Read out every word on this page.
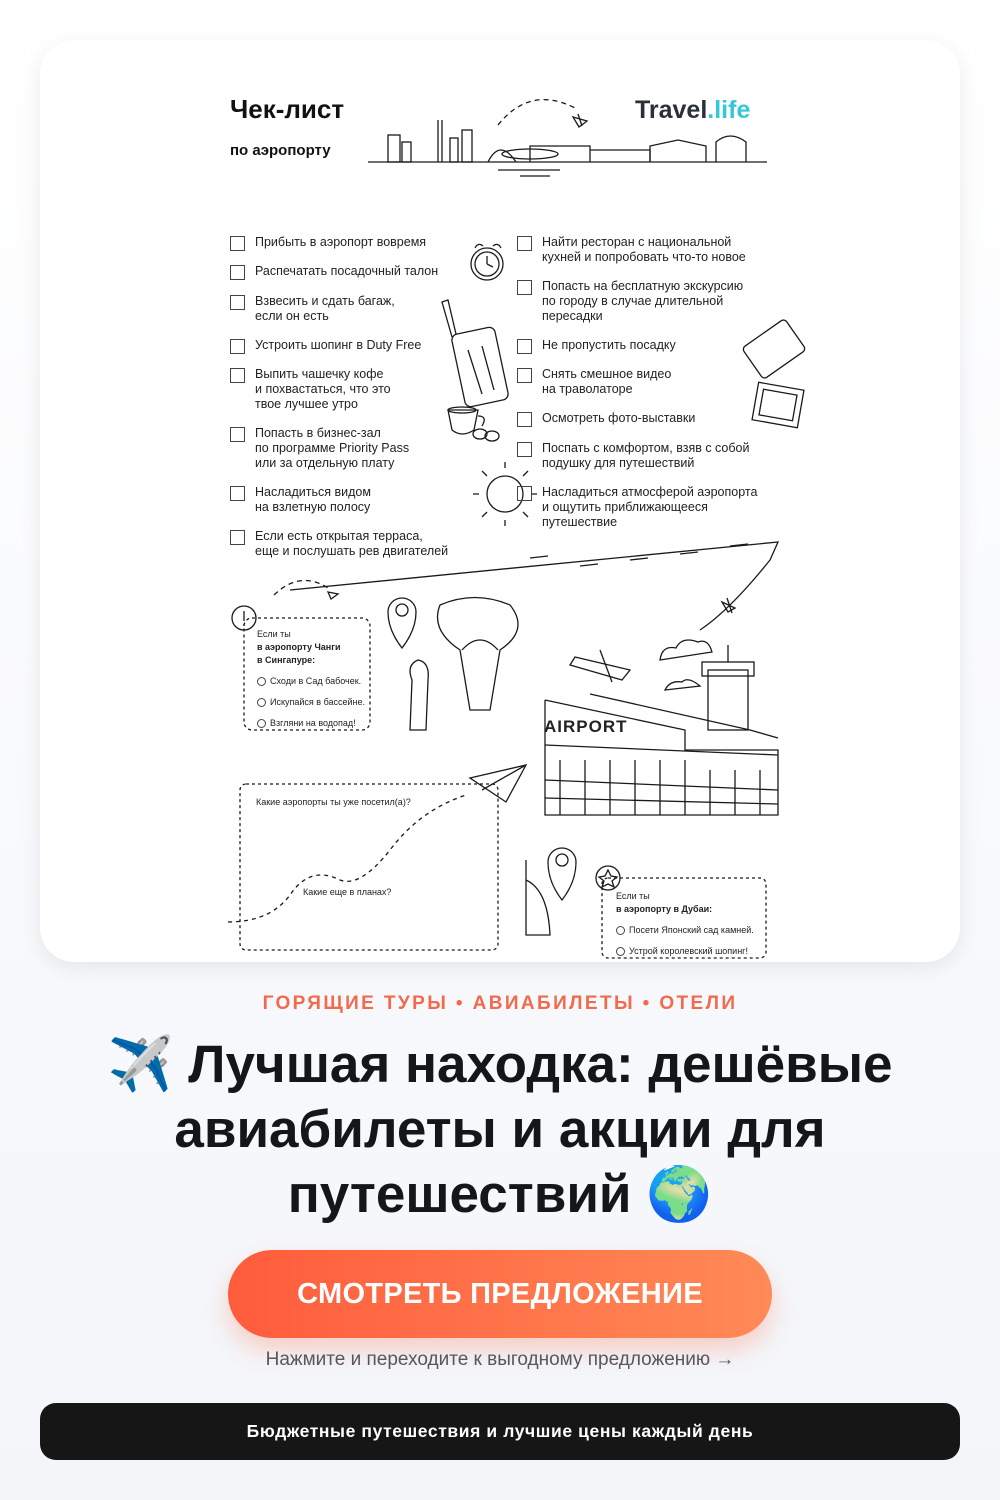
Чек-лист
по аэропорту
Travel.life
Прибыть в аэропорт вовремя
Распечатать посадочный талон
Взвесить и сдать багаж,
если он есть
Устроить шопинг в Duty Free
Выпить чашечку кофе
и похвастаться, что это
твое лучшее утро
Попасть в бизнес-зал
по программе Priority Pass
или за отдельную плату
Насладиться видом
на взлетную полосу
Если есть открытая терраса,
еще и послушать рев двигателей
Найти ресторан с национальной
кухней и попробовать что-то новое
Попасть на бесплатную экскурсию
по городу в случае длительной
пересадки
Не пропустить посадку
Снять смешное видео
на траволаторе
Осмотреть фото-выставки
Поспать с комфортом, взяв с собой
подушку для путешествий
Насладиться атмосферой аэропорта
и ощутить приближающееся
путешествие
Если ты
в аэропорту Чанги
в Сингапуре:
Сходи в Сад бабочек.
Искупайся в бассейне.
Взгляни на водопад!
Какие аэропорты ты уже посетил(а)?
Какие еще в планах?
AIRPORT
Если ты
в аэропорту в Дубаи:
Посети Японский сад камней.
Устрой королевский шопинг!
ГОРЯЩИЕ ТУРЫ • АВИАБИЛЕТЫ • ОТЕЛИ
✈️ Лучшая находка: дешёвые авиабилеты и акции для путешествий 🌍
СМОТРЕТЬ ПРЕДЛОЖЕНИЕ
Нажмите и переходите к выгодному предложению →
Бюджетные путешествия и лучшие цены каждый день
